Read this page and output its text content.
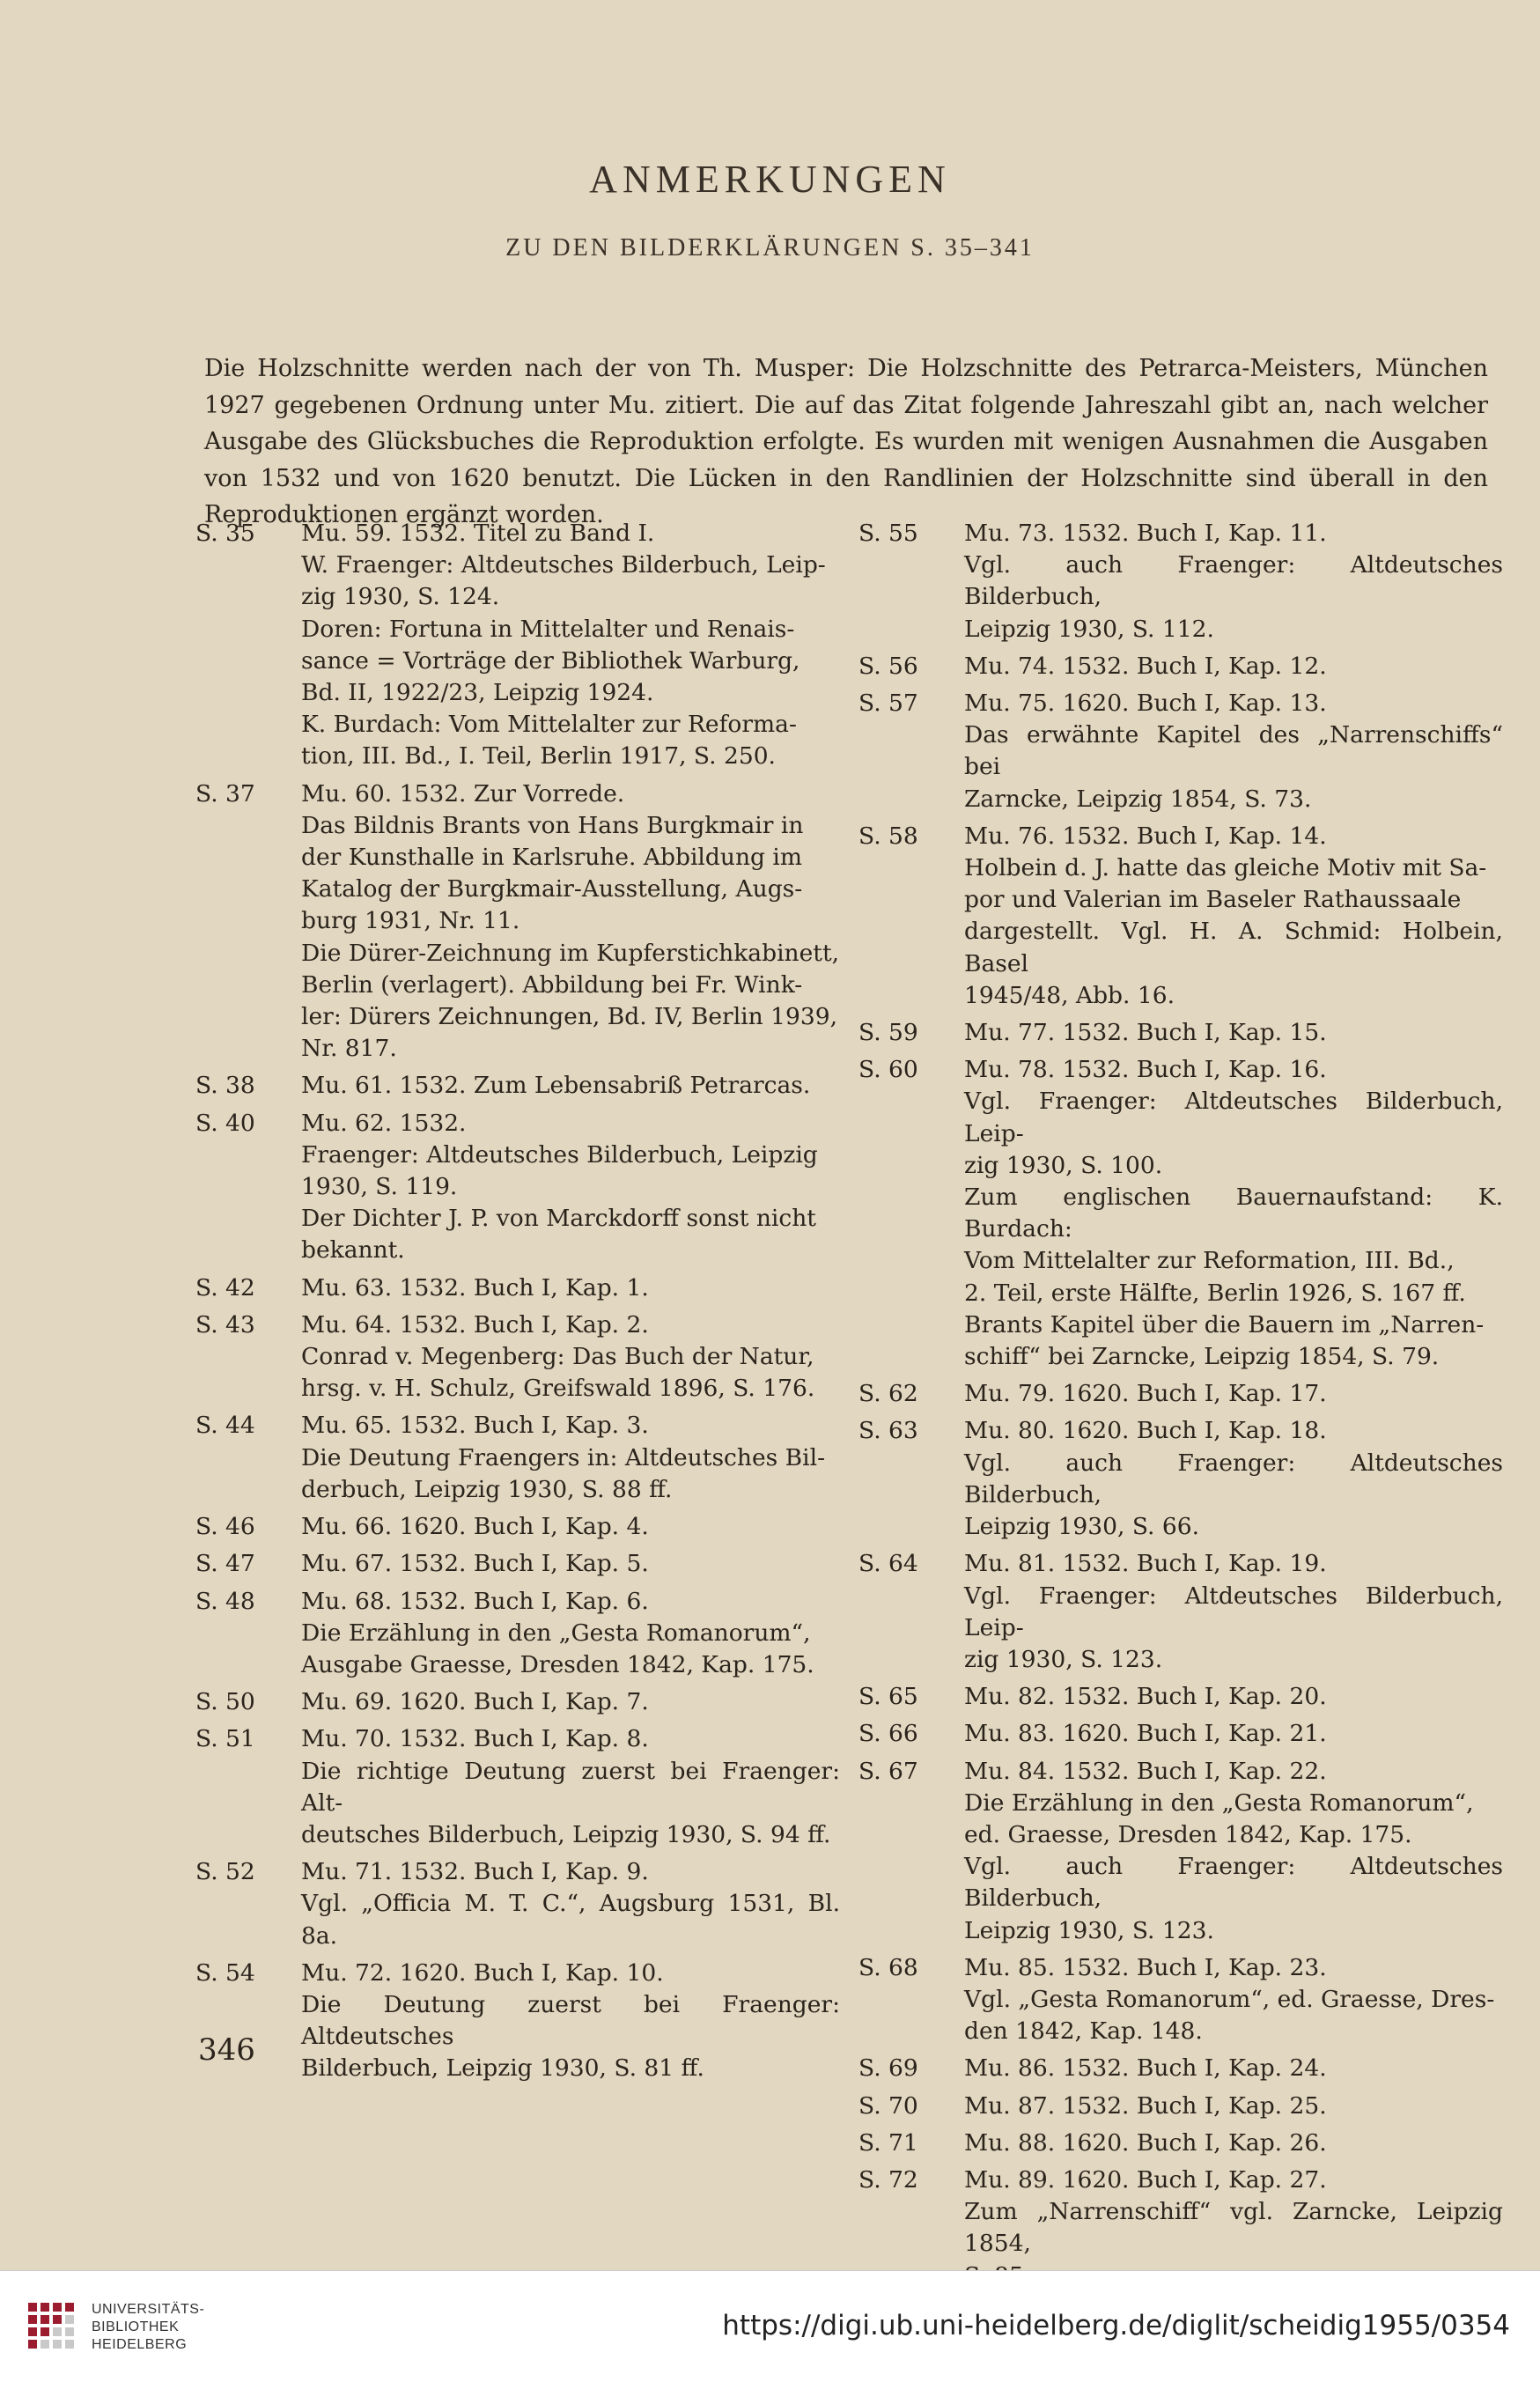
ANMERKUNGEN
ZU DEN BILDERKLÄRUNGEN S. 35–341
Die Holzschnitte werden nach der von Th. Musper: Die Holzschnitte des Petrarca-Meisters, München 1927 gegebenen Ordnung unter Mu. zitiert. Die auf das Zitat folgende Jahreszahl gibt an, nach welcher Ausgabe des Glücksbuches die Reproduktion erfolgte. Es wurden mit wenigen Ausnahmen die Ausgaben von 1532 und von 1620 benutzt. Die Lücken in den Randlinien der Holzschnitte sind überall in den Reproduktionen ergänzt worden.
S. 35	Mu. 59. 1532. Titel zu Band I.
W. Fraenger: Altdeutsches Bilderbuch, Leip-
zig 1930, S. 124.
Doren: Fortuna in Mittelalter und Renais-
sance = Vorträge der Bibliothek Warburg,
Bd. II, 1922/23, Leipzig 1924.
K. Burdach: Vom Mittelalter zur Reforma-
tion, III. Bd., I. Teil, Berlin 1917, S. 250.
S. 37	Mu. 60. 1532. Zur Vorrede.
Das Bildnis Brants von Hans Burgkmair in
der Kunsthalle in Karlsruhe. Abbildung im
Katalog der Burgkmair-Ausstellung, Augs-
burg 1931, Nr. 11.
Die Dürer-Zeichnung im Kupferstichkabinett,
Berlin (verlagert). Abbildung bei Fr. Wink-
ler: Dürers Zeichnungen, Bd. IV, Berlin 1939,
Nr. 817.
S. 38	Mu. 61. 1532. Zum Lebensabriß Petrarcas.
S. 40	Mu. 62. 1532.
Fraenger: Altdeutsches Bilderbuch, Leipzig
1930, S. 119.
Der Dichter J. P. von Marckdorff sonst nicht
bekannt.
S. 42	Mu. 63. 1532. Buch I, Kap. 1.
S. 43	Mu. 64. 1532. Buch I, Kap. 2.
Conrad v. Megenberg: Das Buch der Natur,
hrsg. v. H. Schulz, Greifswald 1896, S. 176.
S. 44	Mu. 65. 1532. Buch I, Kap. 3.
Die Deutung Fraengers in: Altdeutsches Bil-
derbuch, Leipzig 1930, S. 88 ff.
S. 46	Mu. 66. 1620. Buch I, Kap. 4.
S. 47	Mu. 67. 1532. Buch I, Kap. 5.
S. 48	Mu. 68. 1532. Buch I, Kap. 6.
Die Erzählung in den „Gesta Romanorum“,
Ausgabe Graesse, Dresden 1842, Kap. 175.
S. 50	Mu. 69. 1620. Buch I, Kap. 7.
S. 51	Mu. 70. 1532. Buch I, Kap. 8.
Die richtige Deutung zuerst bei Fraenger: Alt-
deutsches Bilderbuch, Leipzig 1930, S. 94 ff.
S. 52	Mu. 71. 1532. Buch I, Kap. 9.
Vgl. „Officia M. T. C.“, Augsburg 1531, Bl. 8a.
S. 54	Mu. 72. 1620. Buch I, Kap. 10.
Die Deutung zuerst bei Fraenger: Altdeutsches
Bilderbuch, Leipzig 1930, S. 81 ff.
S. 55	Mu. 73. 1532. Buch I, Kap. 11.
Vgl. auch Fraenger: Altdeutsches Bilderbuch,
Leipzig 1930, S. 112.
S. 56	Mu. 74. 1532. Buch I, Kap. 12.
S. 57	Mu. 75. 1620. Buch I, Kap. 13.
Das erwähnte Kapitel des „Narrenschiffs“ bei
Zarncke, Leipzig 1854, S. 73.
S. 58	Mu. 76. 1532. Buch I, Kap. 14.
Holbein d. J. hatte das gleiche Motiv mit Sa-
por und Valerian im Baseler Rathaussaale
dargestellt. Vgl. H. A. Schmid: Holbein, Basel
1945/48, Abb. 16.
S. 59	Mu. 77. 1532. Buch I, Kap. 15.
S. 60	Mu. 78. 1532. Buch I, Kap. 16.
Vgl. Fraenger: Altdeutsches Bilderbuch, Leip-
zig 1930, S. 100.
Zum englischen Bauernaufstand: K. Burdach:
Vom Mittelalter zur Reformation, III. Bd.,
2. Teil, erste Hälfte, Berlin 1926, S. 167 ff.
Brants Kapitel über die Bauern im „Narren-
schiff“ bei Zarncke, Leipzig 1854, S. 79.
S. 62	Mu. 79. 1620. Buch I, Kap. 17.
S. 63	Mu. 80. 1620. Buch I, Kap. 18.
Vgl. auch Fraenger: Altdeutsches Bilderbuch,
Leipzig 1930, S. 66.
S. 64	Mu. 81. 1532. Buch I, Kap. 19.
Vgl. Fraenger: Altdeutsches Bilderbuch, Leip-
zig 1930, S. 123.
S. 65	Mu. 82. 1532. Buch I, Kap. 20.
S. 66	Mu. 83. 1620. Buch I, Kap. 21.
S. 67	Mu. 84. 1532. Buch I, Kap. 22.
Die Erzählung in den „Gesta Romanorum“,
ed. Graesse, Dresden 1842, Kap. 175.
Vgl. auch Fraenger: Altdeutsches Bilderbuch,
Leipzig 1930, S. 123.
S. 68	Mu. 85. 1532. Buch I, Kap. 23.
Vgl. „Gesta Romanorum“, ed. Graesse, Dres-
den 1842, Kap. 148.
S. 69	Mu. 86. 1532. Buch I, Kap. 24.
S. 70	Mu. 87. 1532. Buch I, Kap. 25.
S. 71	Mu. 88. 1620. Buch I, Kap. 26.
S. 72	Mu. 89. 1620. Buch I, Kap. 27.
Zum „Narrenschiff“ vgl. Zarncke, Leipzig 1854,
346
UNIVERSITÄTS-
BIBLIOTHEK
HEIDELBERG
https://digi.ub.uni-heidelberg.de/diglit/scheidig1955/0354
